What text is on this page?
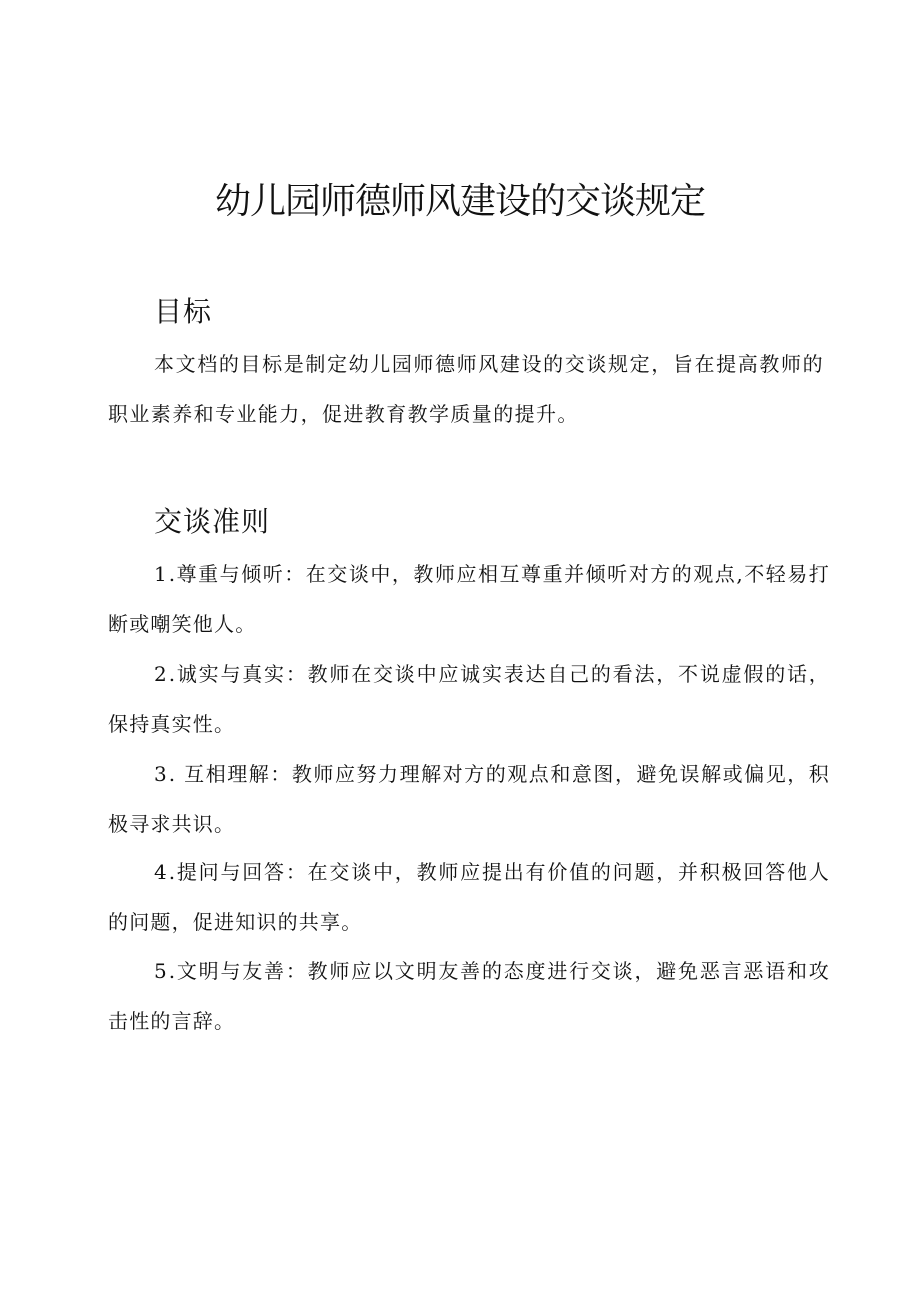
幼儿园师德师风建设的交谈规定
目标

本文档的目标是制定幼儿园师德师风建设的交谈规定，旨在提高教师的职业素养和专业能力，促进教育教学质量的提升。

交谈准则

1 .尊重与倾听：在交谈中，教师应相互尊重并倾听对方的观点,不轻易打断或嘲笑他人。

2 .诚实与真实：教师在交谈中应诚实表达自己的看法，不说虚假的话，保持真实性。

3 . 互相理解：教师应努力理解对方的观点和意图，避免误解或偏见，积极寻求共识。

4 .提问与回答：在交谈中，教师应提出有价值的问题，并积极回答他人的问题，促进知识的共享。

5 .文明与友善：教师应以文明友善的态度进行交谈，避免恶言恶语和攻击性的言辞。
